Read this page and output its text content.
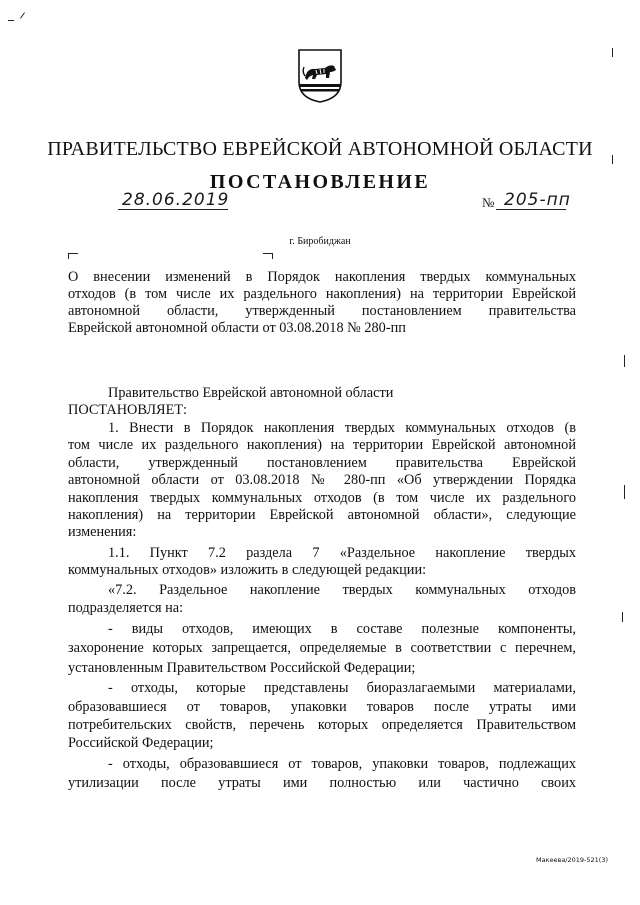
ПРАВИТЕЛЬСТВО ЕВРЕЙСКОЙ АВТОНОМНОЙ ОБЛАСТИ
ПОСТАНОВЛЕНИЕ
28.06.2019	№ 205-пп
г. Биробиджан
О внесении изменений в Порядок накопления твердых коммунальных
отходов (в том числе их раздельного накопления) на территории Еврейской
автономной области, утвержденный постановлением правительства
Еврейской автономной области от 03.08.2018 № 280-пп
Правительство Еврейской автономной области
ПОСТАНОВЛЯЕТ:
1. Внести в Порядок накопления твердых коммунальных отходов (в
том числе их раздельного накопления) на территории Еврейской автономной
области, утвержденный постановлением правительства Еврейской
автономной области от 03.08.2018 № 280-пп «Об утверждении Порядка
накопления твердых коммунальных отходов (в том числе их раздельного
накопления) на территории Еврейской автономной области», следующие
изменения:
1.1. Пункт 7.2 раздела 7 «Раздельное накопление твердых
коммунальных отходов» изложить в следующей редакции:
«7.2. Раздельное накопление твердых коммунальных отходов
подразделяется на:
- виды отходов, имеющих в составе полезные компоненты,
захоронение которых запрещается, определяемые в соответствии с перечнем,
установленным Правительством Российской Федерации;
- отходы, которые представлены биоразлагаемыми материалами,
образовавшиеся от товаров, упаковки товаров после утраты ими
потребительских свойств, перечень которых определяется Правительством
Российской Федерации;
- отходы, образовавшиеся от товаров, упаковки товаров, подлежащих
утилизации после утраты ими полностью или частично своих
Макеева/2019-521(3)
